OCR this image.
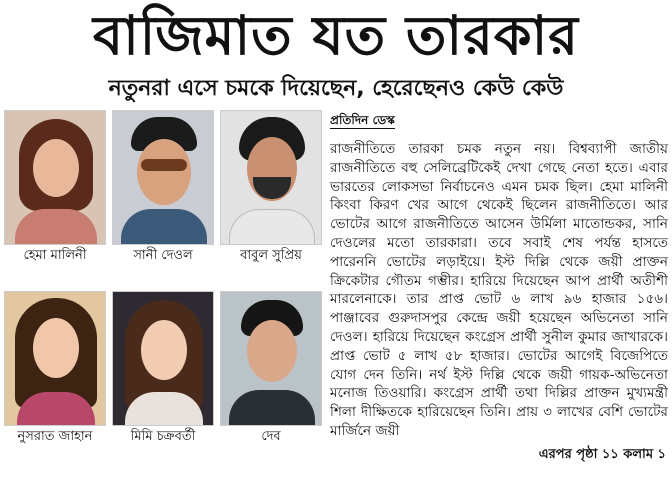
বাজিমাত যত তারকার
নতুনরা এসে চমকে দিয়েছেন, হেরেছেনও কেউ কেউ
হেমা মালিনী	সানী দেওল	বাবুল সুপ্রিয়
নুসরাত জাহান	মিমি চক্রবর্তী	দেব
প্রতিদিন ডেস্ক

রাজনীতিতে তারকা চমক নতুন নয়। বিশ্বব্যাপী জাতীয় রাজনীতিতে বহু সেলিব্রেটিকেই দেখা গেছে নেতা হতে। এবার ভারতের লোকসভা নির্বাচনেও এমন চমক ছিল। হেমা মালিনী কিংবা কিরণ খের আগে থেকেই ছিলেন রাজনীতিতে। আর ভোটের আগে রাজনীতিতে আসেন উর্মিলা মাতোন্ডকর, সানি দেওলের মতো তারকারা। তবে সবাই শেষ পর্যন্ত হাসতে পারেননি ভোটের লড়াইয়ে। ইস্ট দিল্লি থেকে জয়ী প্রাক্তন ক্রিকেটার গৌতম গম্ভীর। হারিয়ে দিয়েছেন আপ প্রার্থী অতীশী মারলেনাকে। তার প্রাপ্ত ভোট ৬ লাখ ৯৬ হাজার ১৫৬। পাঞ্জাবের গুরুদাসপুর কেন্দ্রে জয়ী হয়েছেন অভিনেতা সানি দেওল। হারিয়ে দিয়েছেন কংগ্রেস প্রার্থী সুনীল কুমার জাখারকে। প্রাপ্ত ভোট ৫ লাখ ৫৮ হাজার। ভোটের আগেই বিজেপিতে যোগ দেন তিনি। নর্থ ইস্ট দিল্লি থেকে জয়ী গায়ক-অভিনেতা মনোজ তিওয়ারি। কংগ্রেস প্রার্থী তথা দিল্লির প্রাক্তন মুখ্যমন্ত্রী শিলা দীক্ষিতকে হারিয়েছেন তিনি। প্রায় ৩ লাখের বেশি ভোটের মার্জিনে জয়ী

এরপর পৃষ্ঠা ১১ কলাম ১
